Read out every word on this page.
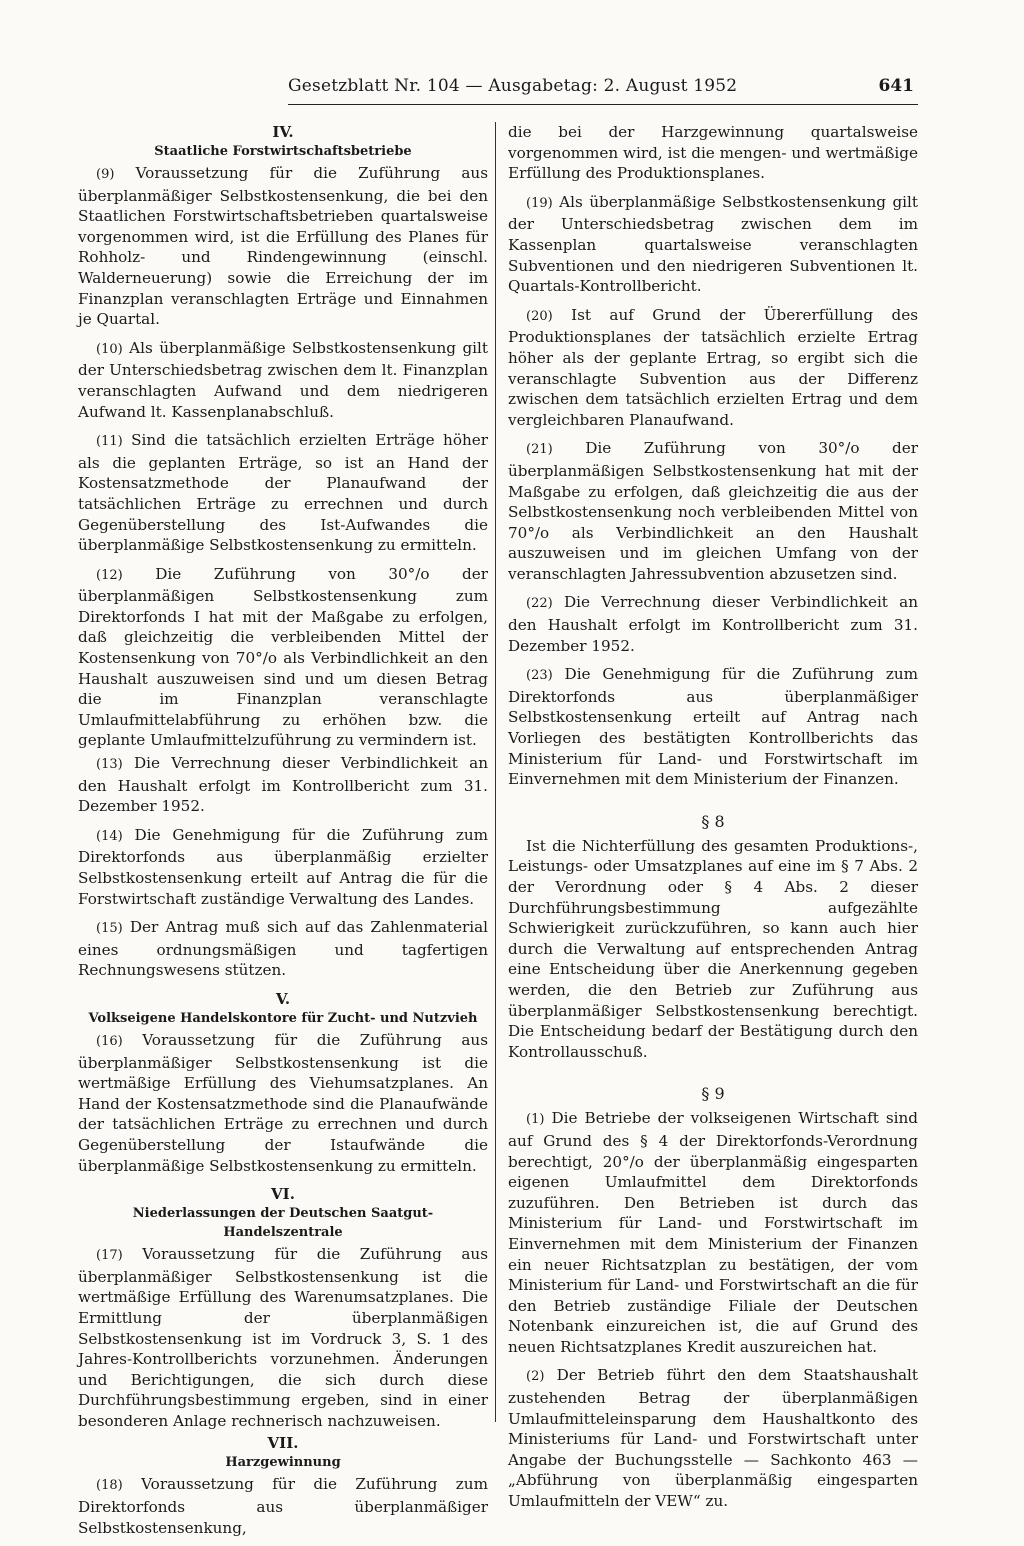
Gesetzblatt Nr. 104 — Ausgabetag: 2. August 1952	641

IV.

Staatliche Forstwirtschaftsbetriebe

( 9 ) Voraussetzung für die Zuführung aus überplanmäßiger Selbstkostensenkung, die bei den Staatlichen Forstwirtschaftsbetrieben quartalsweise vorgenommen wird, ist die Erfüllung des Planes für Rohholz- und Rindengewinnung (einschl. Walderneuerung) sowie die Erreichung der im Finanzplan veranschlagten Erträge und Einnahmen je Quartal.

( 10 ) Als überplanmäßige Selbstkostensenkung gilt der Unterschiedsbetrag zwischen dem lt. Finanzplan veranschlagten Aufwand und dem niedrigeren Aufwand lt. Kassenplanabschluß.

( 11 ) Sind die tatsächlich erzielten Erträge höher als die geplanten Erträge, so ist an Hand der Kostensatzmethode der Planaufwand der tatsächlichen Erträge zu errechnen und durch Gegenüberstellung des Ist-Aufwandes die überplanmäßige Selbstkostensenkung zu ermitteln.

( 12 ) Die Zuführung von 30°/o der überplanmäßigen Selbstkostensenkung zum Direktorfonds I hat mit der Maßgabe zu erfolgen, daß gleichzeitig die verbleibenden Mittel der Kostensenkung von 70°/o als Verbindlichkeit an den Haushalt auszuweisen sind und um diesen Betrag die im Finanzplan veranschlagte Umlaufmittelabführung zu erhöhen bzw. die geplante Umlaufmittelzuführung zu vermindern ist.

( 13 ) Die Verrechnung dieser Verbindlichkeit an den Haushalt erfolgt im Kontrollbericht zum 31. Dezember 1952.

( 14 ) Die Genehmigung für die Zuführung zum Direktorfonds aus überplanmäßig erzielter Selbstkostensenkung erteilt auf Antrag die für die Forstwirtschaft zuständige Verwaltung des Landes.

( 15 ) Der Antrag muß sich auf das Zahlenmaterial eines ordnungsmäßigen und tagfertigen Rechnungswesens stützen.

V.

Volkseigene Handelskontore für Zucht- und Nutzvieh

( 16 ) Voraussetzung für die Zuführung aus überplanmäßiger Selbstkostensenkung ist die wertmäßige Erfüllung des Viehumsatzplanes. An Hand der Kostensatzmethode sind die Planaufwände der tatsächlichen Erträge zu errechnen und durch Gegenüberstellung der Istaufwände die überplanmäßige Selbstkostensenkung zu ermitteln.

VI.

Niederlassungen der Deutschen Saatgut-Handelszentrale

( 17 ) Voraussetzung für die Zuführung aus überplanmäßiger Selbstkostensenkung ist die wertmäßige Erfüllung des Warenumsatzplanes. Die Ermittlung der überplanmäßigen Selbstkostensenkung ist im Vordruck 3, S. 1 des Jahres-Kontrollberichts vorzunehmen. Änderungen und Berichtigungen, die sich durch diese Durchführungsbestimmung ergeben, sind in einer besonderen Anlage rechnerisch nachzuweisen.

VII.

Harzgewinnung

( 18 ) Voraussetzung für die Zuführung zum Direktorfonds aus überplanmäßiger Selbstkostensenkung,

die bei der Harzgewinnung quartalsweise vorgenommen wird, ist die mengen- und wertmäßige Erfüllung des Produktionsplanes.

( 19 ) Als überplanmäßige Selbstkostensenkung gilt der Unterschiedsbetrag zwischen dem im Kassenplan quartalsweise veranschlagten Subventionen und den niedrigeren Subventionen lt. Quartals-Kontrollbericht.

( 20 ) Ist auf Grund der Übererfüllung des Produktionsplanes der tatsächlich erzielte Ertrag höher als der geplante Ertrag, so ergibt sich die veranschlagte Subvention aus der Differenz zwischen dem tatsächlich erzielten Ertrag und dem vergleichbaren Planaufwand.

( 21 ) Die Zuführung von 30°/o der überplanmäßigen Selbstkostensenkung hat mit der Maßgabe zu erfolgen, daß gleichzeitig die aus der Selbstkostensenkung noch verbleibenden Mittel von 70°/o als Verbindlichkeit an den Haushalt auszuweisen und im gleichen Umfang von der veranschlagten Jahressubvention abzusetzen sind.

( 22 ) Die Verrechnung dieser Verbindlichkeit an den Haushalt erfolgt im Kontrollbericht zum 31. Dezember 1952.

( 23 ) Die Genehmigung für die Zuführung zum Direktorfonds aus überplanmäßiger Selbstkostensenkung erteilt auf Antrag nach Vorliegen des bestätigten Kontrollberichts das Ministerium für Land- und Forstwirtschaft im Einvernehmen mit dem Ministerium der Finanzen.

§ 8

Ist die Nichterfüllung des gesamten Produktions-, Leistungs- oder Umsatzplanes auf eine im § 7 Abs. 2 der Verordnung oder § 4 Abs. 2 dieser Durchführungsbestimmung aufgezählte Schwierigkeit zurückzuführen, so kann auch hier durch die Verwaltung auf entsprechenden Antrag eine Entscheidung über die Anerkennung gegeben werden, die den Betrieb zur Zuführung aus überplanmäßiger Selbstkostensenkung berechtigt. Die Entscheidung bedarf der Bestätigung durch den Kontrollausschuß.

§ 9

( 1 ) Die Betriebe der volkseigenen Wirtschaft sind auf Grund des § 4 der Direktorfonds-Verordnung berechtigt, 20°/o der überplanmäßig eingesparten eigenen Umlaufmittel dem Direktorfonds zuzuführen. Den Betrieben ist durch das Ministerium für Land- und Forstwirtschaft im Einvernehmen mit dem Ministerium der Finanzen ein neuer Richtsatzplan zu bestätigen, der vom Ministerium für Land- und Forstwirtschaft an die für den Betrieb zuständige Filiale der Deutschen Notenbank einzureichen ist, die auf Grund des neuen Richtsatzplanes Kredit auszureichen hat.

( 2 ) Der Betrieb führt den dem Staatshaushalt zustehenden Betrag der überplanmäßigen Umlaufmitteleinsparung dem Haushaltkonto des Ministeriums für Land- und Forstwirtschaft unter Angabe der Buchungsstelle — Sachkonto 463 — „Abführung von überplanmäßig eingesparten Umlaufmitteln der VEW“ zu.
